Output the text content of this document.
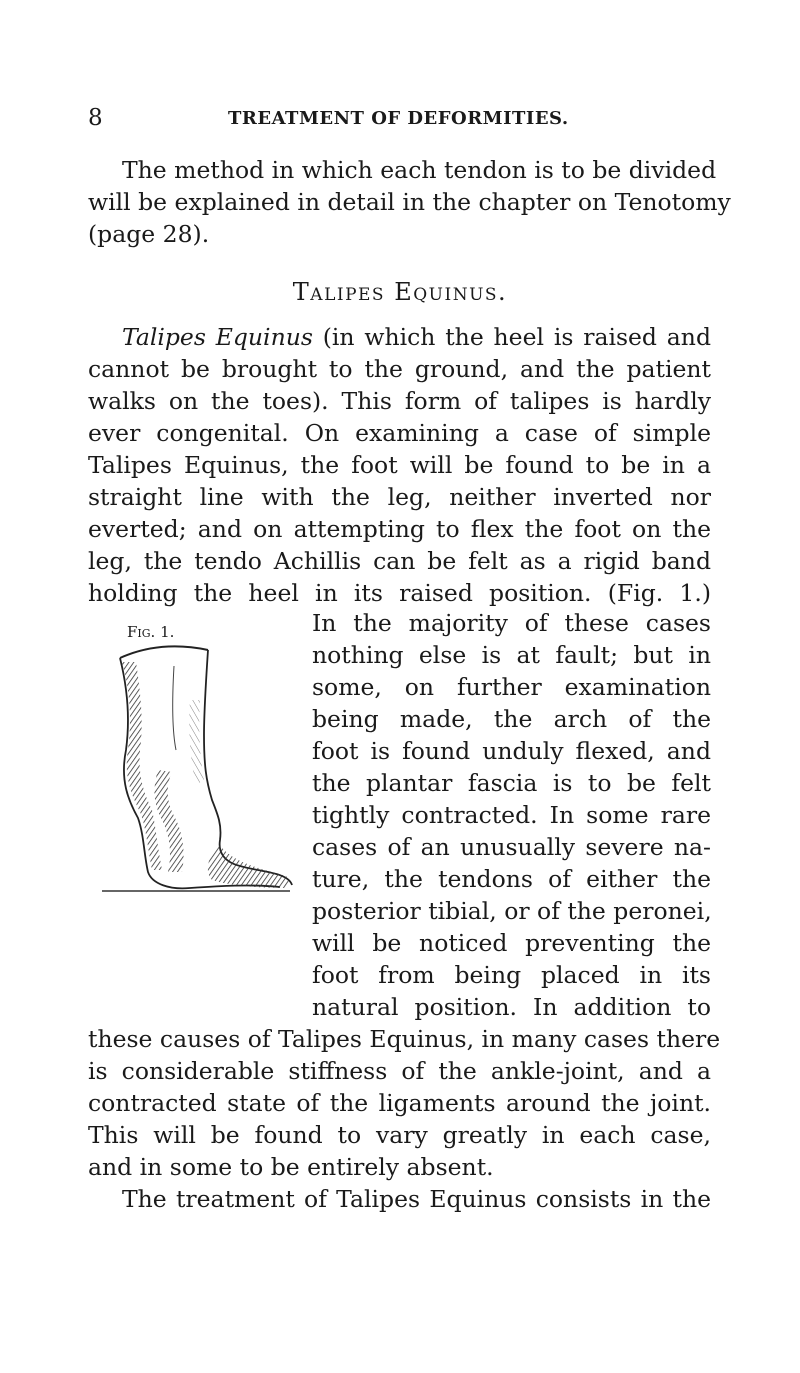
8	TREATMENT OF DEFORMITIES.
The method in which each tendon is to be divided
will be explained in detail in the chapter on Tenotomy
(page 28).
Talipes Equinus.
Talipes Equinus (in which the heel is raised and
cannot be brought to the ground, and the patient
walks on the toes). This form of talipes is hardly
ever congenital. On examining a case of simple
Talipes Equinus, the foot will be found to be in a
straight line with the leg, neither inverted nor
everted; and on attempting to flex the foot on the
leg, the tendo Achillis can be felt as a rigid band
holding the heel in its raised position. (Fig. 1.)
Fig. 1.	In the majority of these cases
nothing else is at fault; but in
some, on further examination
being made, the arch of the
foot is found unduly flexed, and
the plantar fascia is to be felt
tightly contracted. In some rare
cases of an unusually severe na-
ture, the tendons of either the
posterior tibial, or of the peronei,
will be noticed preventing the
foot from being placed in its
natural position. In addition to
these causes of Talipes Equinus, in many cases there
is considerable stiffness of the ankle-joint, and a
contracted state of the ligaments around the joint.
This will be found to vary greatly in each case,
and in some to be entirely absent.
The treatment of Talipes Equinus consists in the
